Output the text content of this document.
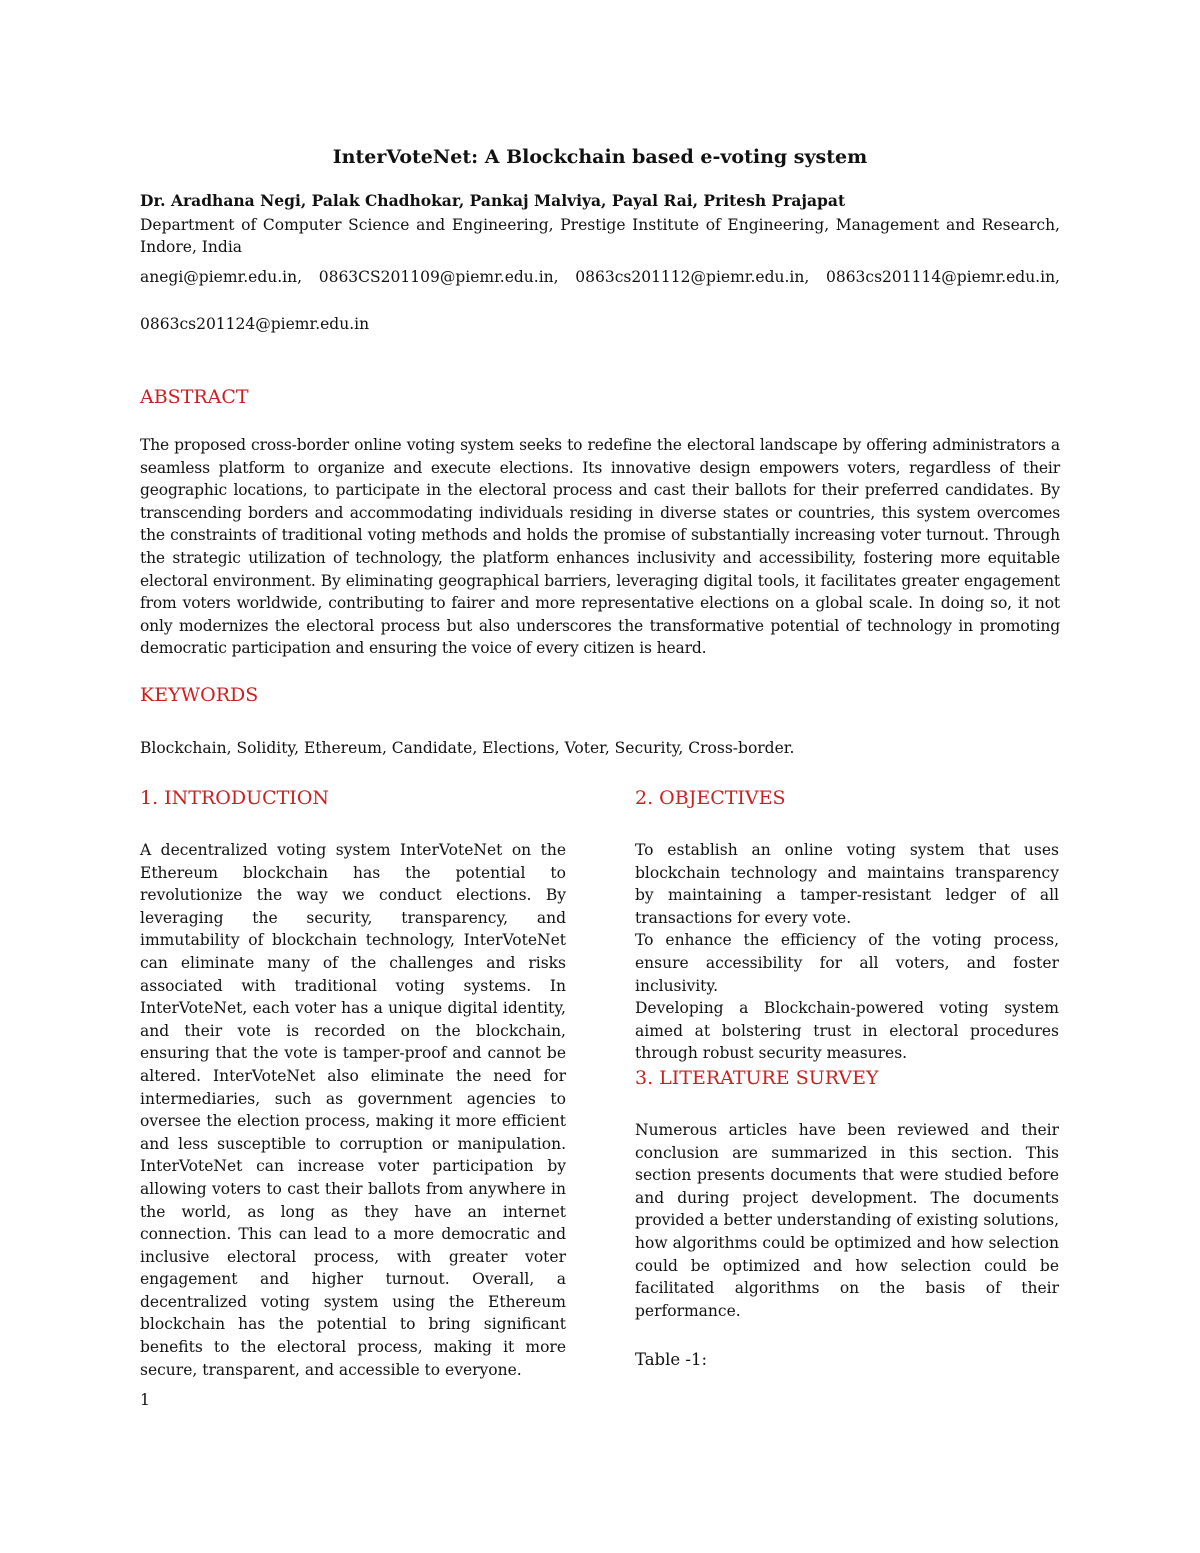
InterVoteNet: A Blockchain based e-voting system
Dr. Aradhana Negi, Palak Chadhokar, Pankaj Malviya, Payal Rai, Pritesh Prajapat
Department of Computer Science and Engineering, Prestige Institute of Engineering, Management and Research, Indore, India
anegi@piemr.edu.in, 0863CS201109@piemr.edu.in, 0863cs201112@piemr.edu.in, 0863cs201114@piemr.edu.in,
0863cs201124@piemr.edu.in
ABSTRACT
The proposed cross-border online voting system seeks to redefine the electoral landscape by offering administrators a seamless platform to organize and execute elections. Its innovative design empowers voters, regardless of their geographic locations, to participate in the electoral process and cast their ballots for their preferred candidates. By transcending borders and accommodating individuals residing in diverse states or countries, this system overcomes the constraints of traditional voting methods and holds the promise of substantially increasing voter turnout. Through the strategic utilization of technology, the platform enhances inclusivity and accessibility, fostering more equitable electoral environment. By eliminating geographical barriers, leveraging digital tools, it facilitates greater engagement from voters worldwide, contributing to fairer and more representative elections on a global scale. In doing so, it not only modernizes the electoral process but also underscores the transformative potential of technology in promoting democratic participation and ensuring the voice of every citizen is heard.
KEYWORDS
Blockchain, Solidity, Ethereum, Candidate, Elections, Voter, Security, Cross-border.
1. INTRODUCTION
A decentralized voting system InterVoteNet on the Ethereum blockchain has the potential to revolutionize the way we conduct elections. By leveraging the security, transparency, and immutability of blockchain technology, InterVoteNet can eliminate many of the challenges and risks associated with traditional voting systems. In InterVoteNet, each voter has a unique digital identity, and their vote is recorded on the blockchain, ensuring that the vote is tamper-proof and cannot be altered. InterVoteNet also eliminate the need for intermediaries, such as government agencies to oversee the election process, making it more efficient and less susceptible to corruption or manipulation. InterVoteNet can increase voter participation by allowing voters to cast their ballots from anywhere in the world, as long as they have an internet connection. This can lead to a more democratic and inclusive electoral process, with greater voter engagement and higher turnout. Overall, a decentralized voting system using the Ethereum blockchain has the potential to bring significant benefits to the electoral process, making it more secure, transparent, and accessible to everyone.
2. OBJECTIVES

To establish an online voting system that uses blockchain technology and maintains transparency by maintaining a tamper-resistant ledger of all transactions for every vote.

To enhance the efficiency of the voting process, ensure accessibility for all voters, and foster inclusivity.

Developing a Blockchain-powered voting system aimed at bolstering trust in electoral procedures through robust security measures.

3. LITERATURE SURVEY
Numerous articles have been reviewed and their conclusion are summarized in this section. This section presents documents that were studied before and during project development. The documents provided a better understanding of existing solutions, how algorithms could be optimized and how selection could be optimized and how selection could be facilitated algorithms on the basis of their performance.
Table -1:
1
